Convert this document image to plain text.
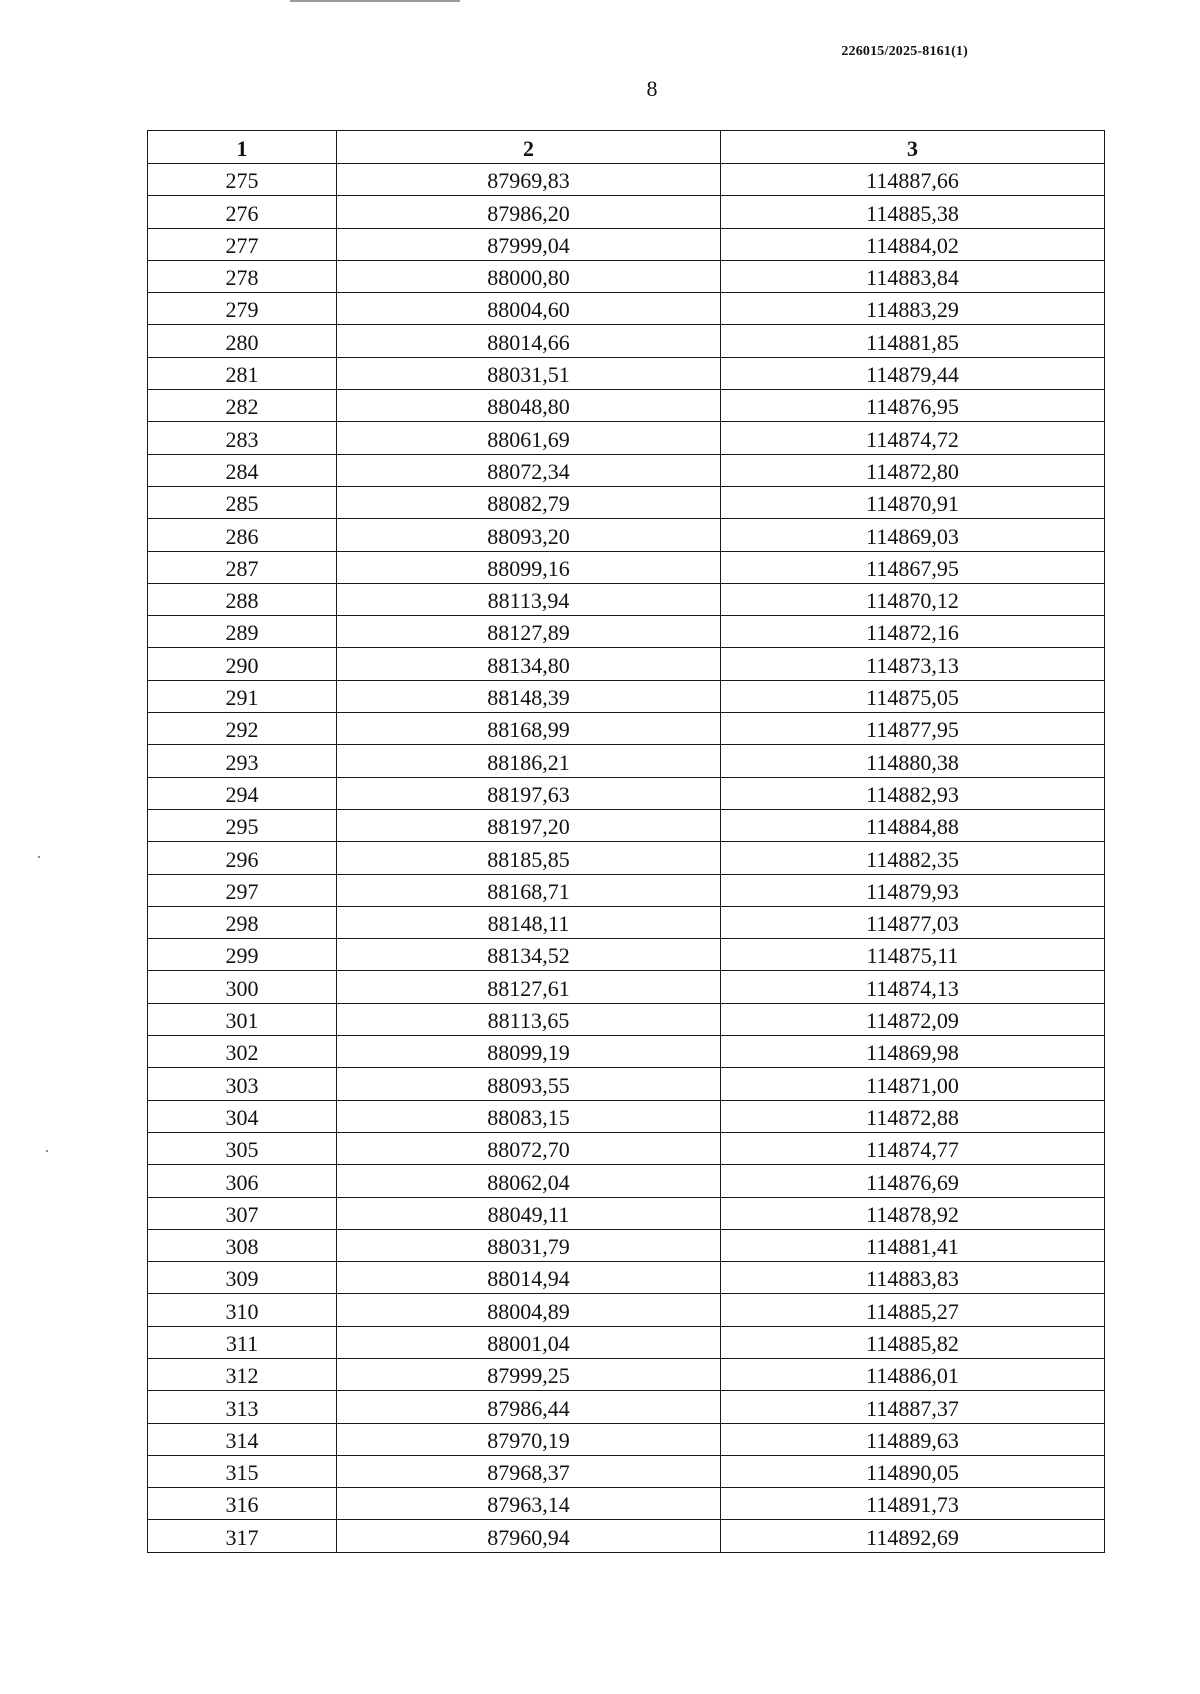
226015/2025-8161(1)
8
1	2	3
275	87969,83	114887,66
276	87986,20	114885,38
277	87999,04	114884,02
278	88000,80	114883,84
279	88004,60	114883,29
280	88014,66	114881,85
281	88031,51	114879,44
282	88048,80	114876,95
283	88061,69	114874,72
284	88072,34	114872,80
285	88082,79	114870,91
286	88093,20	114869,03
287	88099,16	114867,95
288	88113,94	114870,12
289	88127,89	114872,16
290	88134,80	114873,13
291	88148,39	114875,05
292	88168,99	114877,95
293	88186,21	114880,38
294	88197,63	114882,93
295	88197,20	114884,88
296	88185,85	114882,35
297	88168,71	114879,93
298	88148,11	114877,03
299	88134,52	114875,11
300	88127,61	114874,13
301	88113,65	114872,09
302	88099,19	114869,98
303	88093,55	114871,00
304	88083,15	114872,88
305	88072,70	114874,77
306	88062,04	114876,69
307	88049,11	114878,92
308	88031,79	114881,41
309	88014,94	114883,83
310	88004,89	114885,27
311	88001,04	114885,82
312	87999,25	114886,01
313	87986,44	114887,37
314	87970,19	114889,63
315	87968,37	114890,05
316	87963,14	114891,73
317	87960,94	114892,69
